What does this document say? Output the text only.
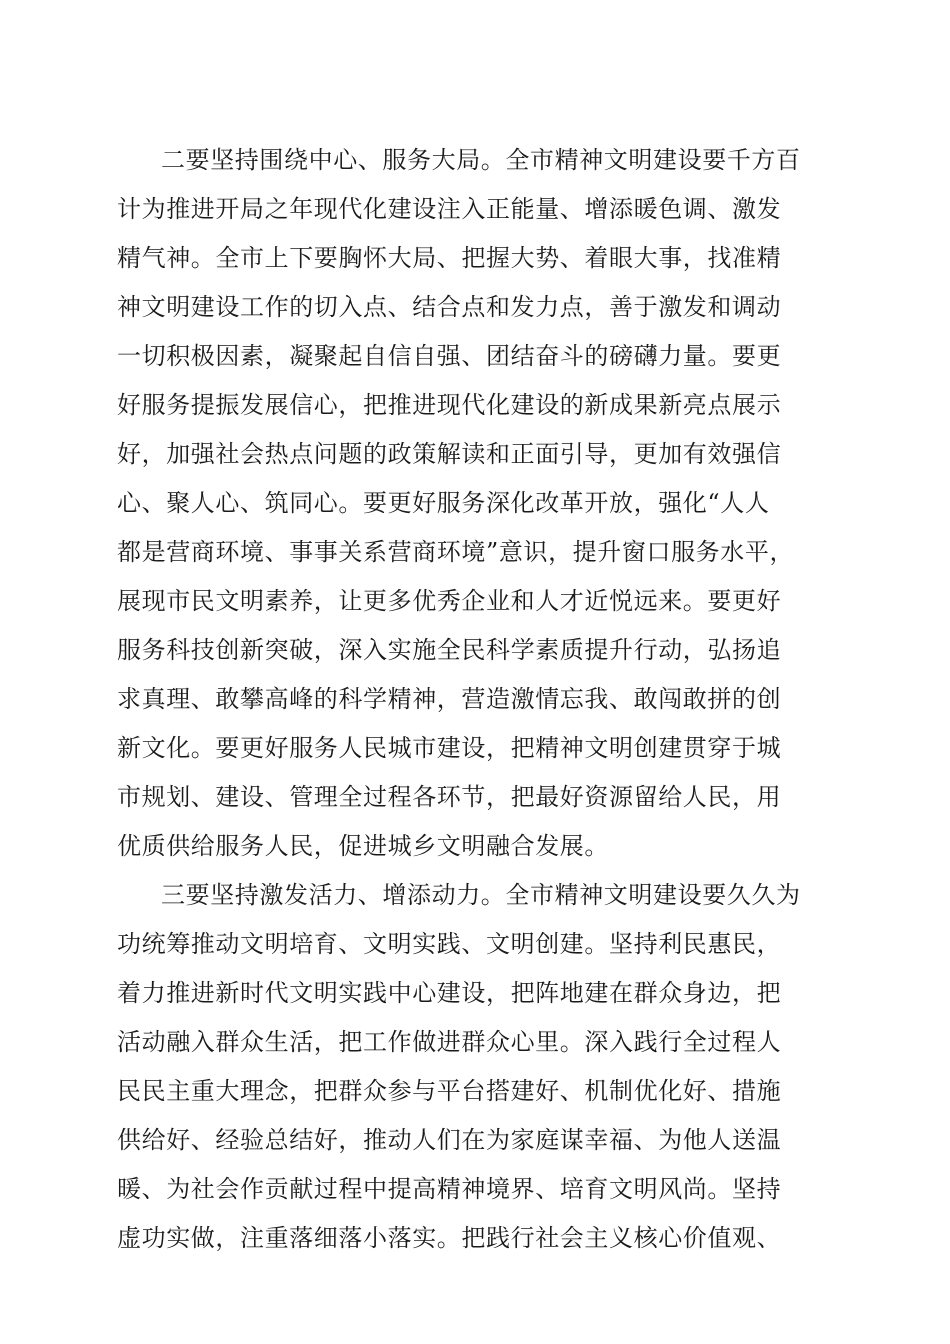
二要坚持围绕中心、服务大局。全市精神文明建设要千方百
计为推进开局之年现代化建设注入正能量、增添暖色调、激发
精气神。全市上下要胸怀大局、把握大势、着眼大事，找准精
神文明建设工作的切入点、结合点和发力点，善于激发和调动
一切积极因素，凝聚起自信自强、团结奋斗的磅礴力量。要更
好服务提振发展信心，把推进现代化建设的新成果新亮点展示
好，加强社会热点问题的政策解读和正面引导，更加有效强信
心、聚人心、筑同心。要更好服务深化改革开放，强化“人人
都是营商环境、事事关系营商环境”意识，提升窗口服务水平，
展现市民文明素养，让更多优秀企业和人才近悦远来。要更好
服务科技创新突破，深入实施全民科学素质提升行动，弘扬追
求真理、敢攀高峰的科学精神，营造激情忘我、敢闯敢拼的创
新文化。要更好服务人民城市建设，把精神文明创建贯穿于城
市规划、建设、管理全过程各环节，把最好资源留给人民，用
优质供给服务人民，促进城乡文明融合发展。
三要坚持激发活力、增添动力。全市精神文明建设要久久为
功统筹推动文明培育、文明实践、文明创建。坚持利民惠民，
着力推进新时代文明实践中心建设，把阵地建在群众身边，把
活动融入群众生活，把工作做进群众心里。深入践行全过程人
民民主重大理念，把群众参与平台搭建好、机制优化好、措施
供给好、经验总结好，推动人们在为家庭谋幸福、为他人送温
暖、为社会作贡献过程中提高精神境界、培育文明风尚。坚持
虚功实做，注重落细落小落实。把践行社会主义核心价值观、
